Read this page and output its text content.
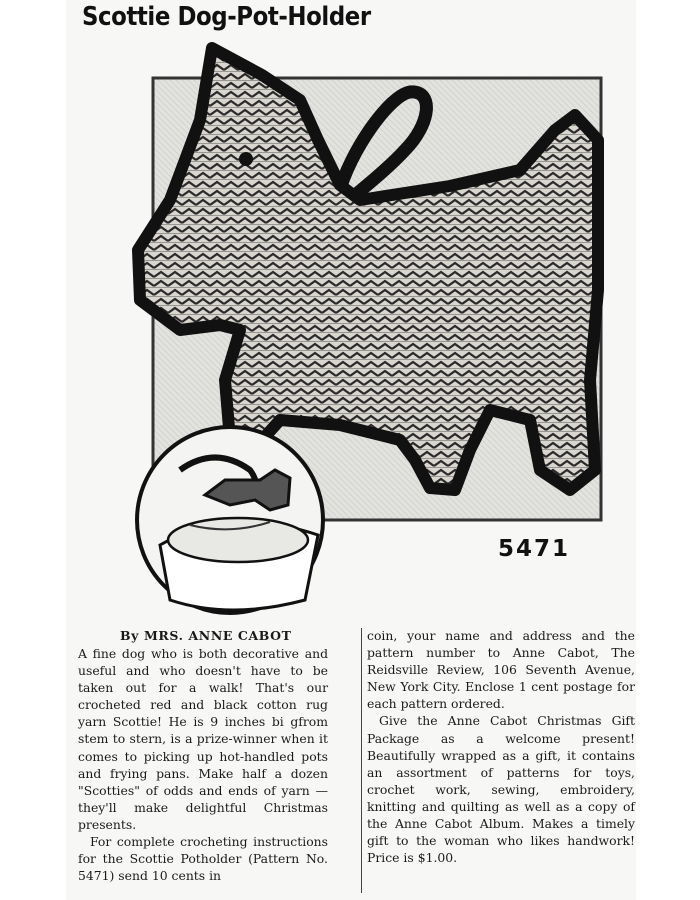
Scottie Dog-Pot-Holder
5471
By MRS. ANNE CABOT

A fine dog who is both decorative and useful and who doesn't have to be taken out for a walk! That's our crocheted red and black cotton rug yarn Scottie! He is 9 inches bi gfrom stem to stern, is a prize-winner when it comes to picking up hot-handled pots and frying pans. Make half a dozen "Scotties" of odds and ends of yarn —they'll make delightful Christmas presents.

For complete crocheting instructions for the Scottie Potholder (Pattern No. 5471) send 10 cents in

coin, your name and address and the pattern number to Anne Cabot, The Reidsville Review, 106 Seventh Avenue, New York City. Enclose 1 cent postage for each pattern ordered.

Give the Anne Cabot Christmas Gift Package as a welcome present! Beautifully wrapped as a gift, it contains an assortment of patterns for toys, crochet work, sewing, embroidery, knitting and quilting as well as a copy of the Anne Cabot Album. Makes a timely gift to the woman who likes handwork! Price is $1.00.
